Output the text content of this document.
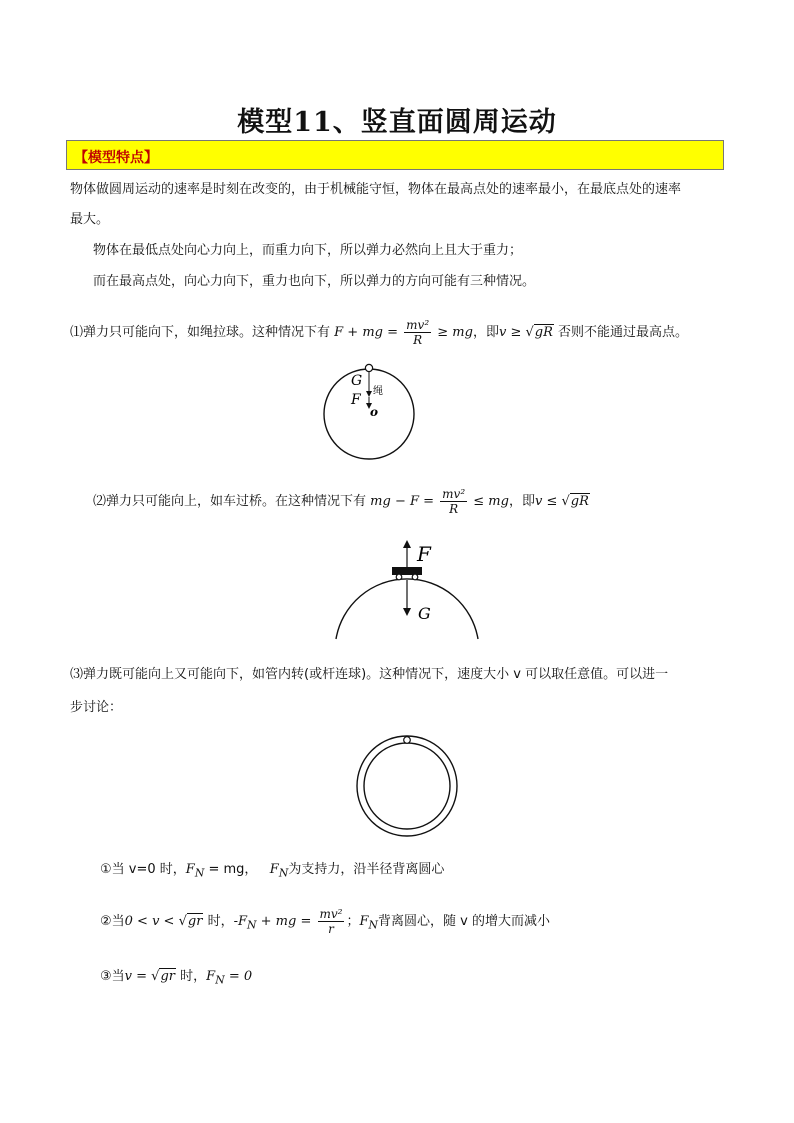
模型11、竖直面圆周运动
【模型特点】
物体做圆周运动的速率是时刻在改变的，由于机械能守恒，物体在最高点处的速率最小，在最底点处的速率
最大。
物体在最低点处向心力向上，而重力向下，所以弹力必然向上且大于重力；
而在最高点处，向心力向下，重力也向下，所以弹力的方向可能有三种情况。
⑴弹力只可能向下，如绳拉球。这种情况下有 F + mg = $\frac{\text{mv²}}{R}$ ≥ mg，即v ≥ √gR 否则不能通过最高点。
G
F
绳
o
⑵弹力只可能向上，如车过桥。在这种情况下有 mg − $F = \frac{\text{mv²}}{R}$ ≤ mg，即v ≤ √gR
F
G
⑶弹力既可能向上又可能向下，如管内转(或杆连球)。这种情况下，速度大小 v 可以取任意值。可以进一
步讨论：
①当 v=0 时，$F_N$ = mg， $F_N$为支持力，沿半径背离圆心
②当0 < v < √gr 时，$-F_N$ + mg = $\frac{\text{mv²}}{r}$ ；$F_N$背离圆心，随 v 的增大而减小
③当v = √gr 时，$F_N = 0$
